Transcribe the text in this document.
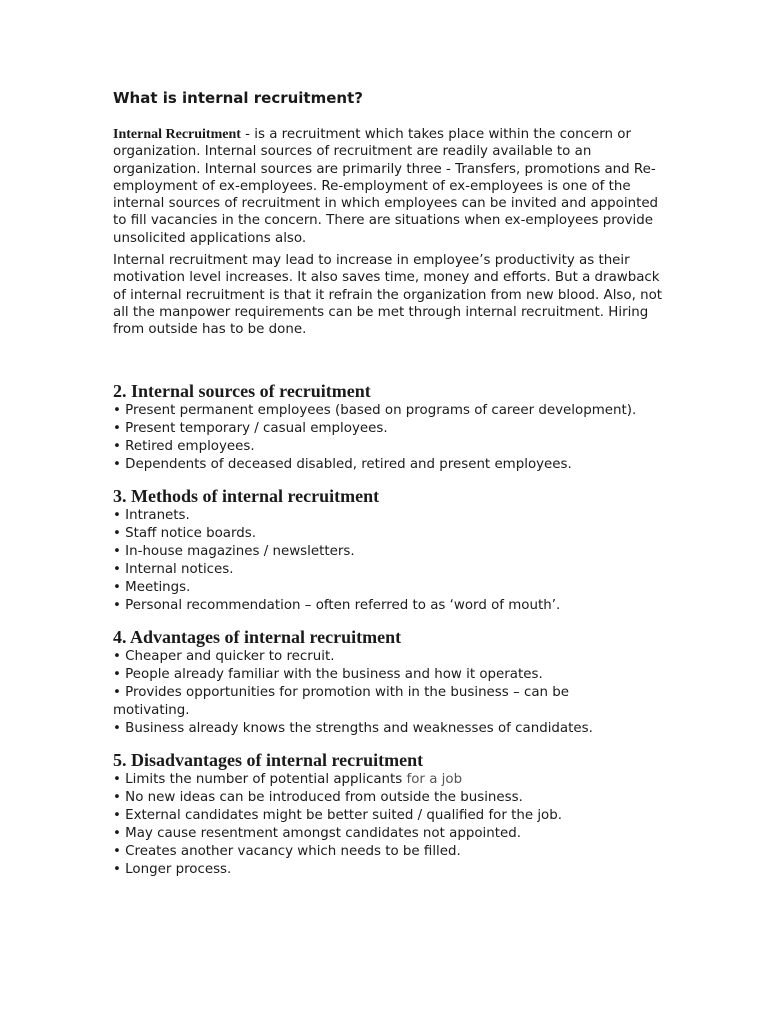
What is internal recruitment?

Internal Recruitment - is a recruitment which takes place within the concern or organization. Internal sources of recruitment are readily available to an organization. Internal sources are primarily three - Transfers, promotions and Re-employment of ex-employees. Re-employment of ex-employees is one of the internal sources of recruitment in which employees can be invited and appointed to fill vacancies in the concern. There are situations when ex-employees provide unsolicited applications also.

Internal recruitment may lead to increase in employee’s productivity as their motivation level increases. It also saves time, money and efforts. But a drawback of internal recruitment is that it refrain the organization from new blood. Also, not all the manpower requirements can be met through internal recruitment. Hiring from outside has to be done.

2. Internal sources of recruitment
• Present permanent employees (based on programs of career development).
• Present temporary / casual employees.
• Retired employees.
• Dependents of deceased disabled, retired and present employees.
3. Methods of internal recruitment
• Intranets.
• Staff notice boards.
• In-house magazines / newsletters.
• Internal notices.
• Meetings.
• Personal recommendation – often referred to as ‘word of mouth’.
4. Advantages of internal recruitment
• Cheaper and quicker to recruit.
• People already familiar with the business and how it operates.
• Provides opportunities for promotion with in the business – can be motivating.
• Business already knows the strengths and weaknesses of candidates.
5. Disadvantages of internal recruitment
• Limits the number of potential applicants for a job
• No new ideas can be introduced from outside the business.
• External candidates might be better suited / qualified for the job.
• May cause resentment amongst candidates not appointed.
• Creates another vacancy which needs to be filled.
• Longer process.
